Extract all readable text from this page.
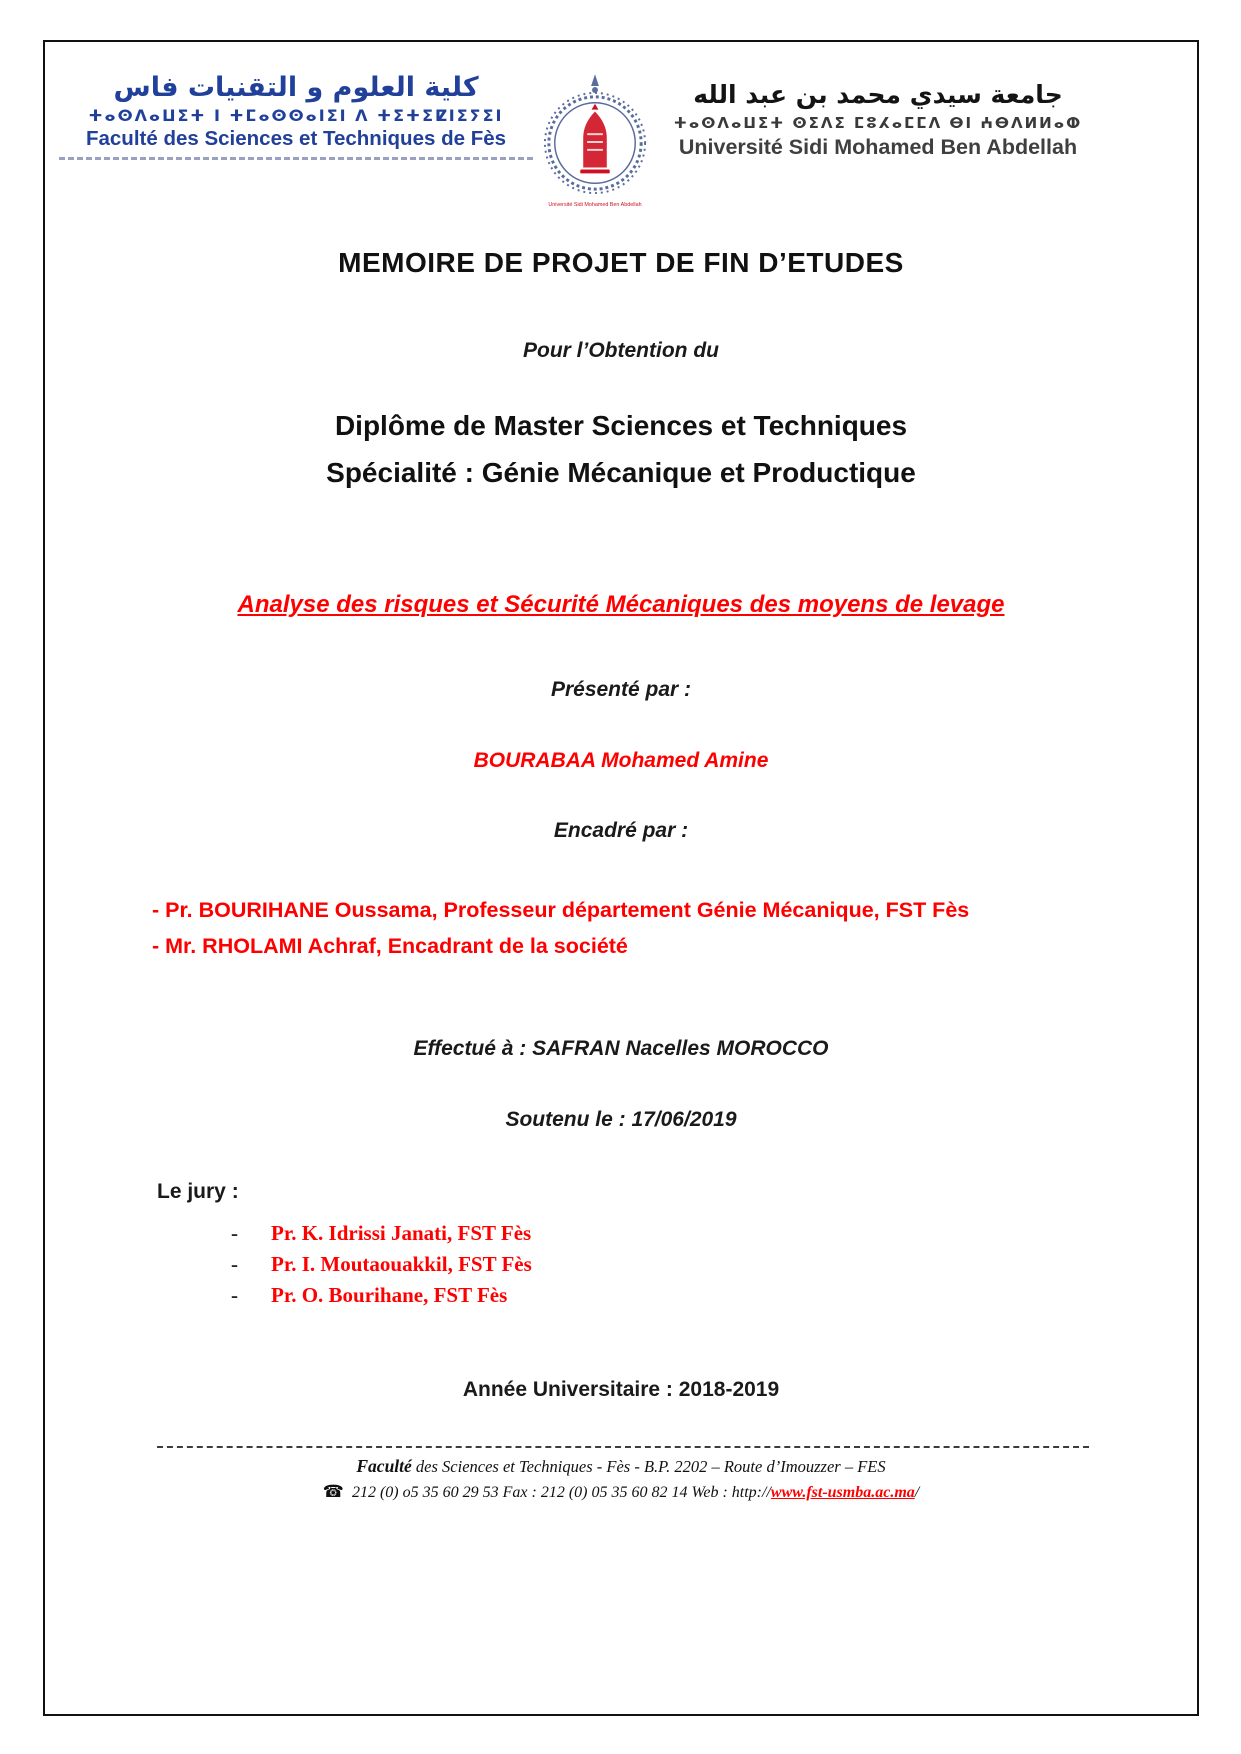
كلية العلوم و التقنيات فاس
ⵜⴰⵙⴷⴰⵡⵉⵜ ⵏ ⵜⵎⴰⵙⵙⴰⵏⵉⵏ ⴷ ⵜⵉⵜⵉⵇⵏⵉⵢⵉⵏ
Faculté des Sciences et Techniques de Fès
Université Sidi Mohamed Ben Abdellah
جامعة سيدي محمد بن عبد الله
ⵜⴰⵙⴷⴰⵡⵉⵜ ⵙⵉⴷⵉ ⵎⵓⵃⴰⵎⵎⴷ ⴱⵏ ⵄⴱⴷⵍⵍⴰⵀ
Université Sidi Mohamed Ben Abdellah
MEMOIRE DE PROJET DE FIN D’ETUDES
Pour l’Obtention du
Diplôme de Master Sciences et Techniques
Spécialité : Génie Mécanique et Productique
Analyse des risques et Sécurité Mécaniques des moyens de levage
Présenté par :
BOURABAA Mohamed Amine
Encadré par :
- Pr. BOURIHANE Oussama, Professeur département Génie Mécanique, FST Fès
- Mr. RHOLAMI Achraf, Encadrant de la société
Effectué à : SAFRAN Nacelles MOROCCO
Soutenu le : 17/06/2019
Le jury :
-	Pr. K. Idrissi Janati, FST Fès
-	Pr. I. Moutaouakkil, FST Fès
-	Pr. O. Bourihane, FST Fès
Année Universitaire : 2018-2019
Faculté des Sciences et Techniques - Fès - B.P. 2202 – Route d’Imouzzer – FES
☎ 212 (0) o5 35 60 29 53 Fax : 212 (0) 05 35 60 82 14 Web : http://www.fst-usmba.ac.ma/
